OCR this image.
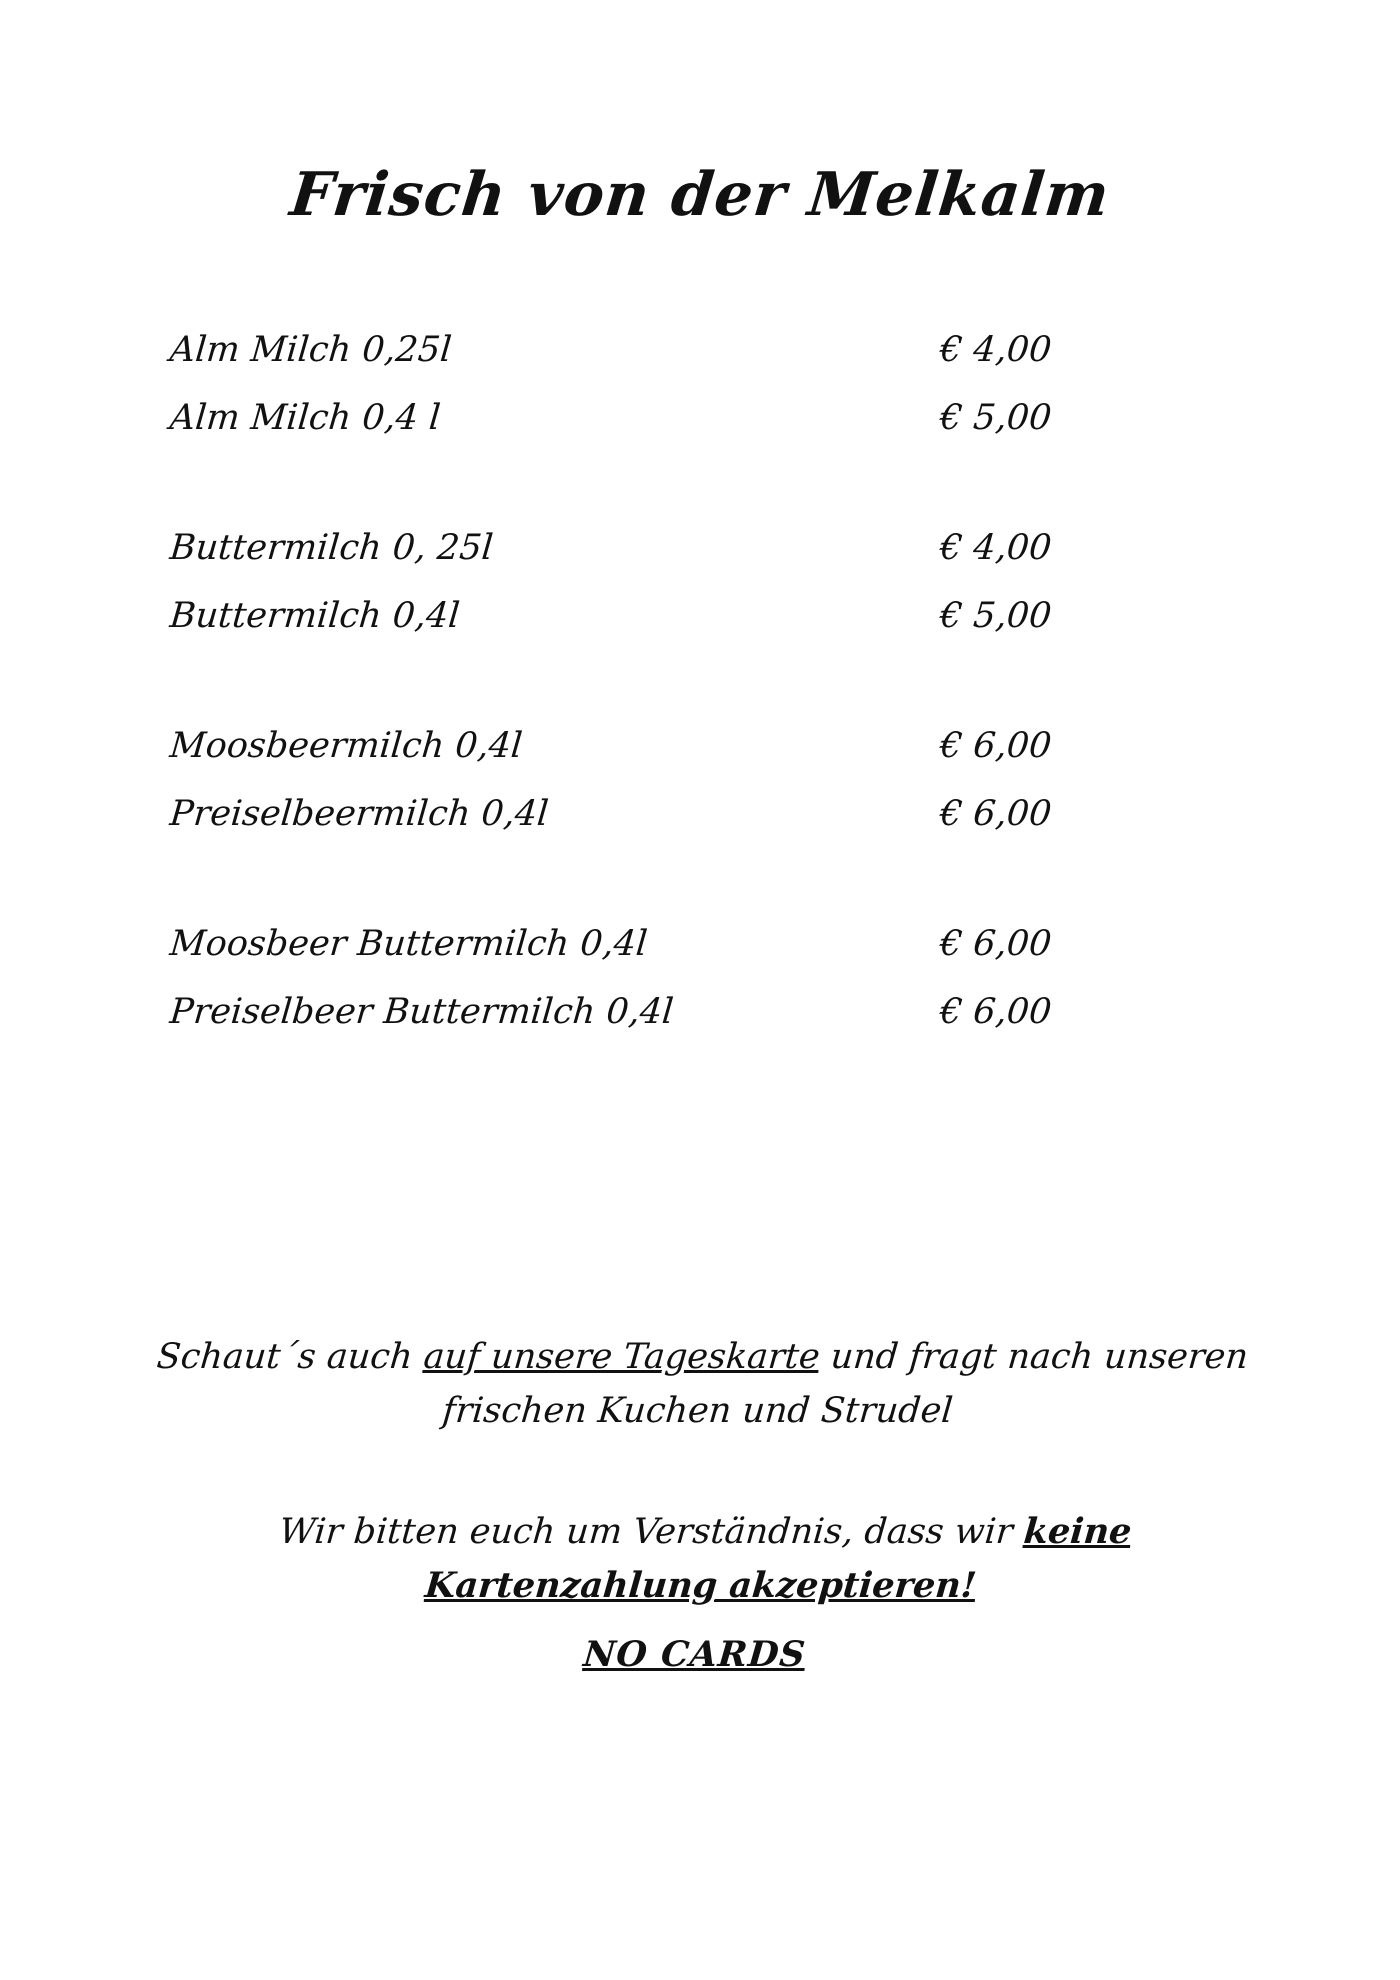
Frisch von der Melkalm
Alm Milch 0,25l	€ 4,00
Alm Milch 0,4 l	€ 5,00
Buttermilch 0, 25l	€ 4,00
Buttermilch 0,4l	€ 5,00
Moosbeermilch 0,4l	€ 6,00
Preiselbeermilch 0,4l	€ 6,00
Moosbeer Buttermilch 0,4l	€ 6,00
Preiselbeer Buttermilch 0,4l	€ 6,00
Schaut´s auch auf unsere Tageskarte und fragt nach unseren frischen Kuchen und Strudel
Wir bitten euch um Verständnis, dass wir keine Kartenzahlung akzeptieren!
NO CARDS
